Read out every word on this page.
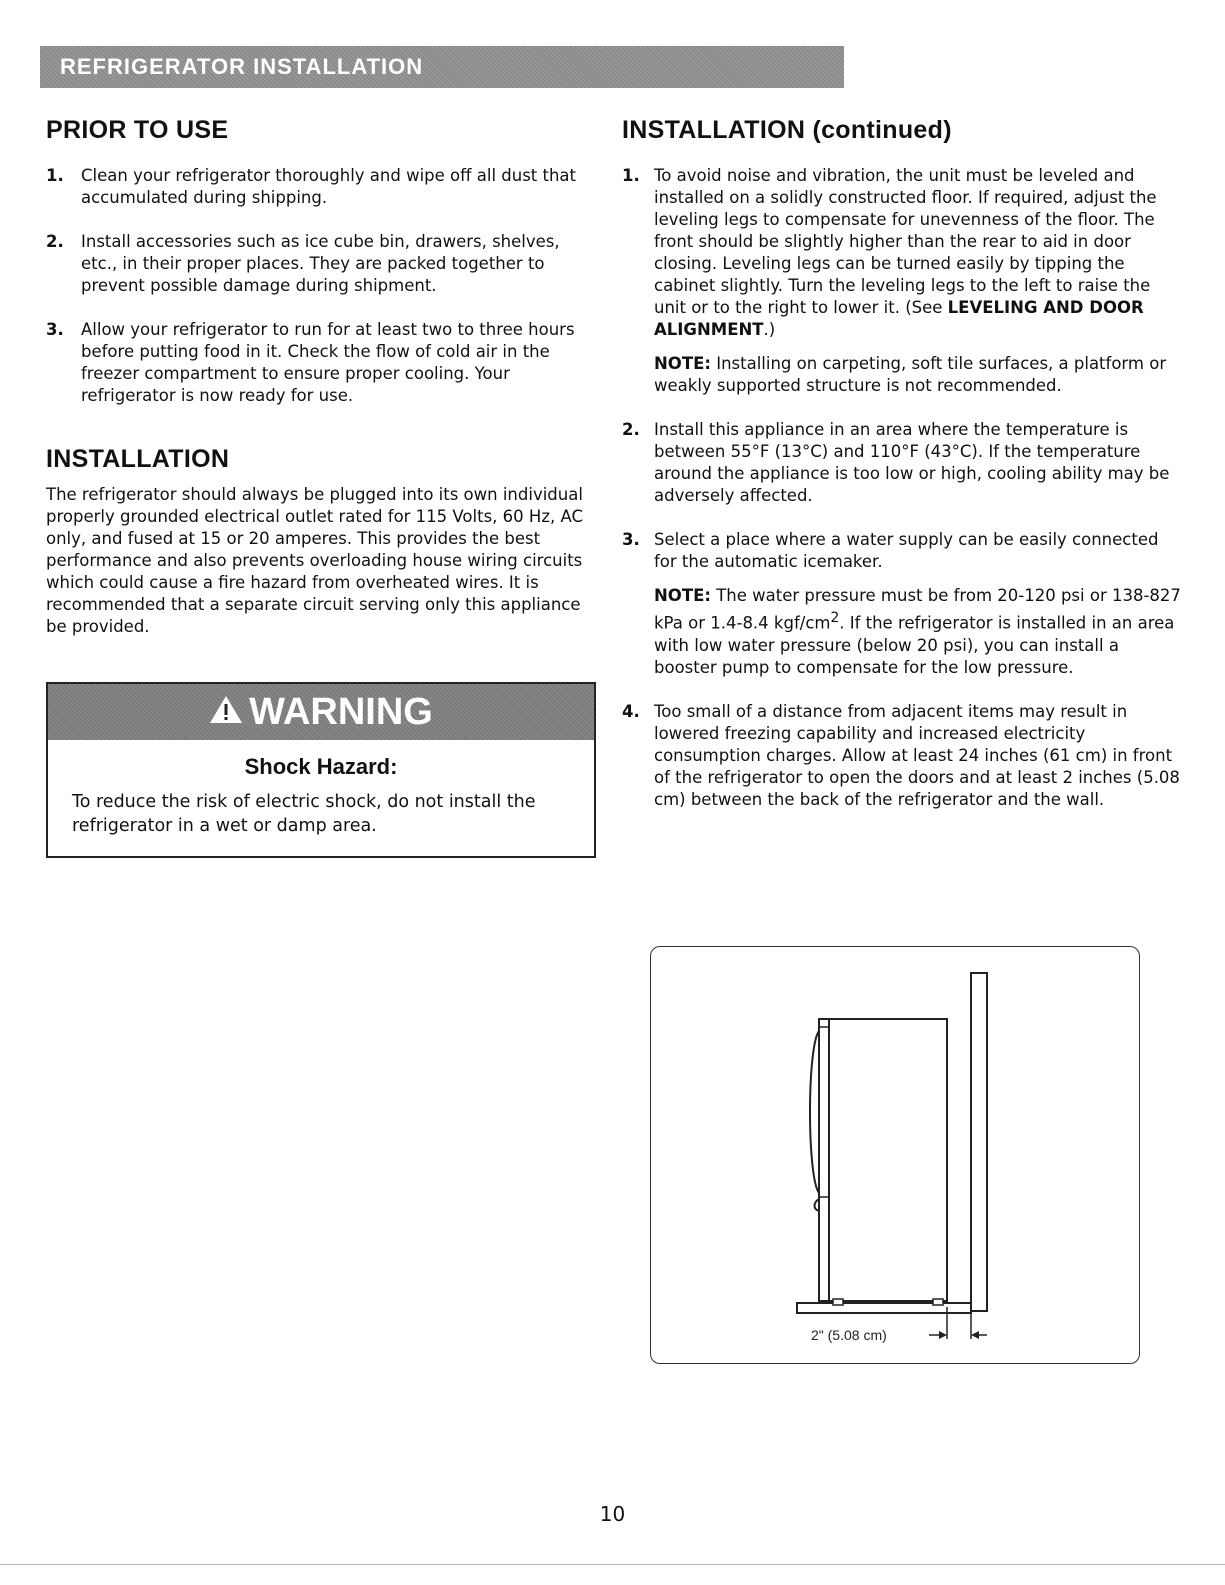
REFRIGERATOR INSTALLATION
PRIOR TO USE
1. Clean your refrigerator thoroughly and wipe off all dust that accumulated during shipping.
2. Install accessories such as ice cube bin, drawers, shelves, etc., in their proper places. They are packed together to prevent possible damage during shipment.
3. Allow your refrigerator to run for at least two to three hours before putting food in it. Check the flow of cold air in the freezer compartment to ensure proper cooling. Your refrigerator is now ready for use.
INSTALLATION

The refrigerator should always be plugged into its own individual properly grounded electrical outlet rated for 115 Volts, 60 Hz, AC only, and fused at 15 or 20 amperes. This provides the best performance and also prevents overloading house wiring circuits which could cause a fire hazard from overheated wires. It is recommended that a separate circuit serving only this appliance be provided.

WARNING
Shock Hazard:
To reduce the risk of electric shock, do not install the refrigerator in a wet or damp area.
INSTALLATION (continued)
1. To avoid noise and vibration, the unit must be leveled and installed on a solidly constructed floor. If required, adjust the leveling legs to compensate for unevenness of the floor. The front should be slightly higher than the rear to aid in door closing. Leveling legs can be turned easily by tipping the cabinet slightly. Turn the leveling legs to the left to raise the unit or to the right to lower it. (See LEVELING AND DOOR ALIGNMENT.)
NOTE: Installing on carpeting, soft tile surfaces, a platform or weakly supported structure is not recommended.
2. Install this appliance in an area where the temperature is between 55°F (13°C) and 110°F (43°C). If the temperature around the appliance is too low or high, cooling ability may be adversely affected.
3. Select a place where a water supply can be easily connected for the automatic icemaker.
NOTE: The water pressure must be from 20-120 psi or 138-827 kPa or 1.4-8.4 kgf/$cm^2$. If the refrigerator is installed in an area with low water pressure (below 20 psi), you can install a booster pump to compensate for the low pressure.
4. Too small of a distance from adjacent items may result in lowered freezing capability and increased electricity consumption charges. Allow at least 24 inches (61 cm) in front of the refrigerator to open the doors and at least 2 inches (5.08 cm) between the back of the refrigerator and the wall.
2" (5.08 cm)
10
